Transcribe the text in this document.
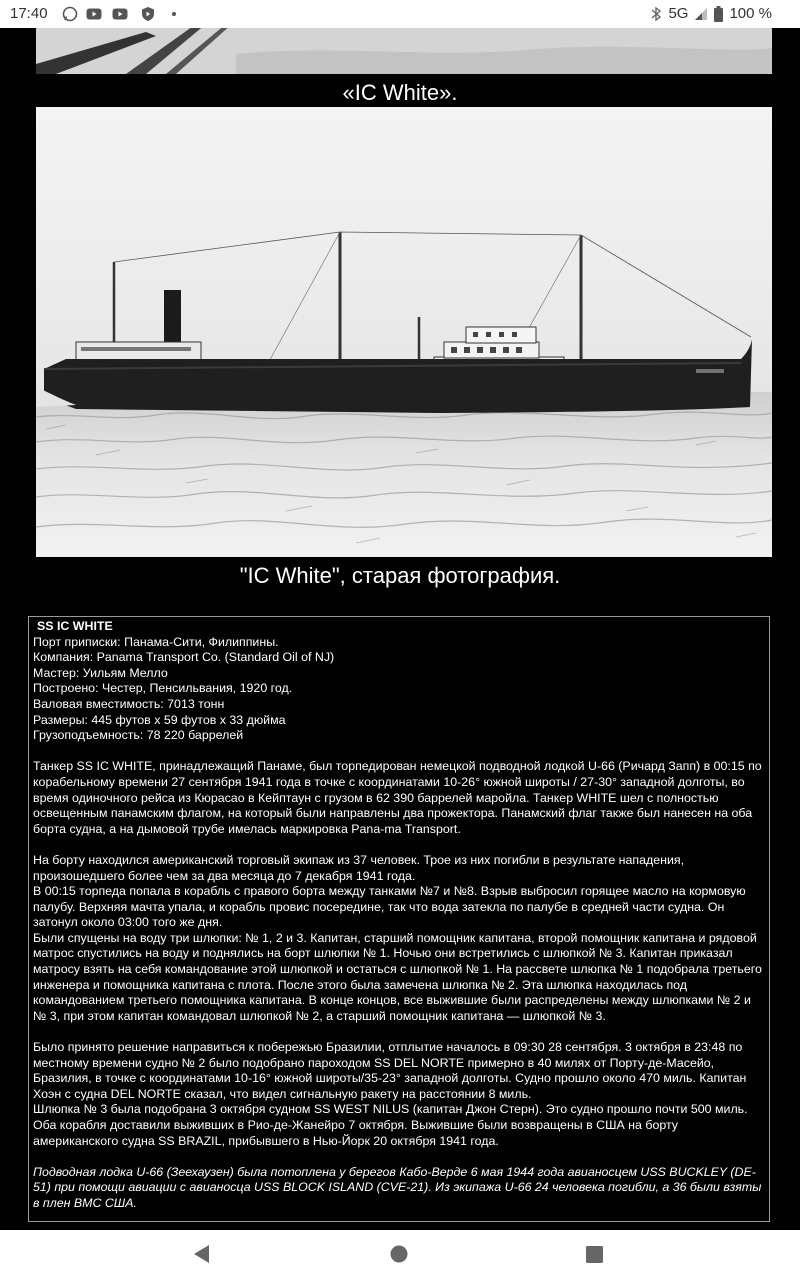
17:40	5G	100 %
«IC White».
"IC White", старая фотография.

SS IC WHITE

Порт приписки: Панама-Сити, Филиппины.

Компания: Panama Transport Co. (Standard Oil of NJ)

Мастер: Уильям Мелло

Построено: Честер, Пенсильвания, 1920 год.

Валовая вместимость: 7013 тонн

Размеры: 445 футов x 59 футов x 33 дюйма

Грузоподъемность: 78 220 баррелей

Танкер SS IC WHITE, принадлежащий Панаме, был торпедирован немецкой подводной лодкой U-66 (Ричард Запп) в 00:15 по корабельному времени 27 сентября 1941 года в точке с координатами 10-26° южной широты / 27-30° западной долготы, во время одиночного рейса из Кюрасао в Кейптаун с грузом в 62 390 баррелей маройла. Танкер WHITE шел с полностью освещенным панамским флагом, на который были направлены два прожектора. Панамский флаг также был нанесен на оба борта судна, а на дымовой трубе имелась маркировка Pana-ma Transport.

На борту находился американский торговый экипаж из 37 человек. Трое из них погибли в результате нападения, произошедшего более чем за два месяца до 7 декабря 1941 года.

В 00:15 торпеда попала в корабль с правого борта между танками №7 и №8. Взрыв выбросил горящее масло на кормовую палубу. Верхняя мачта упала, и корабль провис посередине, так что вода затекла по палубе в средней части судна. Он затонул около 03:00 того же дня.

Были спущены на воду три шлюпки: № 1, 2 и 3. Капитан, старший помощник капитана, второй помощник капитана и рядовой матрос спустились на воду и поднялись на борт шлюпки № 1. Ночью они встретились с шлюпкой № 3. Капитан приказал матросу взять на себя командование этой шлюпкой и остаться с шлюпкой № 1. На рассвете шлюпка № 1 подобрала третьего инженера и помощника капитана с плота. После этого была замечена шлюпка № 2. Эта шлюпка находилась под командованием третьего помощника капитана. В конце концов, все выжившие были распределены между шлюпками № 2 и № 3, при этом капитан командовал шлюпкой № 2, а старший помощник капитана — шлюпкой № 3.

Было принято решение направиться к побережью Бразилии, отплытие началось в 09:30 28 сентября. 3 октября в 23:48 по местному времени судно № 2 было подобрано пароходом SS DEL NORTE примерно в 40 милях от Порту-де-Масейо, Бразилия, в точке с координатами 10-16° южной широты/35-23° западной долготы. Судно прошло около 470 миль. Капитан Хоэн с судна DEL NORTE сказал, что видел сигнальную ракету на расстоянии 8 миль.

Шлюпка № 3 была подобрана 3 октября судном SS WEST NILUS (капитан Джон Стерн). Это судно прошло почти 500 миль. Оба корабля доставили выживших в Рио-де-Жанейро 7 октября. Выжившие были возвращены в США на борту американского судна SS BRAZIL, прибывшего в Нью-Йорк 20 октября 1941 года.

Подводная лодка U-66 (Зеехаузен) была потоплена у берегов Кабо-Верде 6 мая 1944 года авианосцем USS BUCKLEY (DE-51) при помощи авиации с авианосца USS BLOCK ISLAND (CVE-21). Из экипажа U-66 24 человека погибли, а 36 были взяты в плен ВМС США.
